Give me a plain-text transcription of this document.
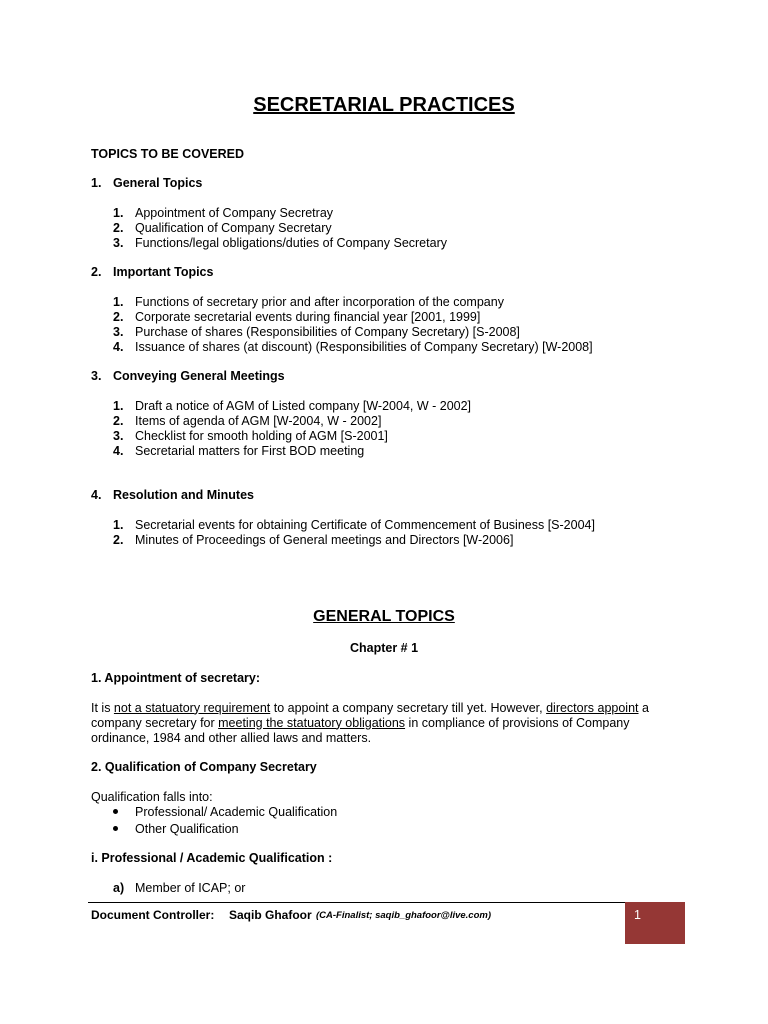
SECRETARIAL PRACTICES
TOPICS TO BE COVERED
1. General Topics
1. Appointment of Company Secretray
2. Qualification of Company Secretary
3. Functions/legal obligations/duties of Company Secretary
2. Important Topics
1. Functions of secretary prior and after incorporation of the company
2. Corporate secretarial events during financial year [2001, 1999]
3. Purchase of shares (Responsibilities of Company Secretary) [S-2008]
4. Issuance of shares (at discount) (Responsibilities of Company Secretary) [W-2008]
3. Conveying General Meetings
1. Draft a notice of AGM of Listed company [W-2004, W - 2002]
2. Items of agenda of AGM [W-2004, W - 2002]
3. Checklist for smooth holding of AGM [S-2001]
4. Secretarial matters for First BOD meeting
4. Resolution and Minutes
1. Secretarial events for obtaining Certificate of Commencement of Business [S-2004]
2. Minutes of Proceedings of General meetings and Directors [W-2006]
GENERAL TOPICS
Chapter # 1
1. Appointment of secretary:
It is not a statuatory requirement to appoint a company secretary till yet. However, directors appoint a company secretary for meeting the statuatory obligations in compliance of provisions of Company ordinance, 1984 and other allied laws and matters.
2. Qualification of Company Secretary
Qualification falls into:
Professional/ Academic Qualification
Other Qualification
i. Professional / Academic Qualification :
a) Member of ICAP; or
Document Controller: Saqib Ghafoor (CA-Finalist; saqib_ghafoor@live.com)	1
